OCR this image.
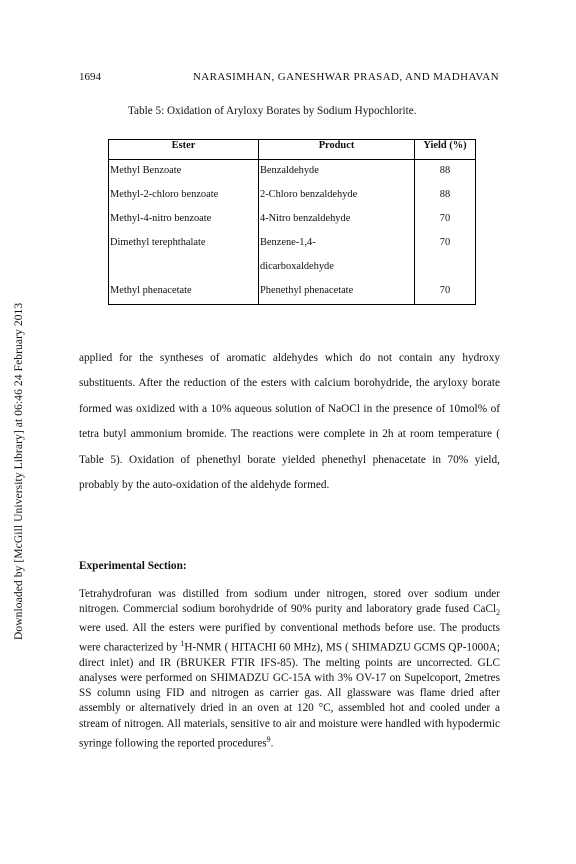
Downloaded by [McGill University Library] at 06:46 24 February 2013
1694	NARASIMHAN, GANESHWAR PRASAD, AND MADHAVAN
Table 5: Oxidation of Aryloxy Borates by Sodium Hypochlorite.
Ester	Product	Yield (%)
Methyl Benzoate	Benzaldehyde	88
Methyl-2-chloro benzoate	2-Chloro benzaldehyde	88
Methyl-4-nitro benzoate	4-Nitro benzaldehyde	70
Dimethyl terephthalate	Benzene-1,4-	70
	dicarboxaldehyde	
Methyl phenacetate	Phenethyl phenacetate	70

applied for the syntheses of aromatic aldehydes which do not contain any hydroxy substituents. After the reduction of the esters with calcium borohydride, the aryloxy borate formed was oxidized with a 10% aqueous solution of NaOCl in the presence of 10mol% of tetra butyl ammonium bromide. The reactions were complete in 2h at room temperature ( Table 5). Oxidation of phenethyl borate yielded phenethyl phenacetate in 70% yield, probably by the auto-oxidation of the aldehyde formed.

Experimental Section:

Tetrahydrofuran was distilled from sodium under nitrogen, stored over sodium under nitrogen. Commercial sodium borohydride of 90% purity and laboratory grade fused CaCl$_2$ were used. All the esters were purified by conventional methods before use. The products were characterized by $^1$H-NMR ( HITACHI 60 MHz), MS ( SHIMADZU GCMS QP-1000A; direct inlet) and IR (BRUKER FTIR IFS-85). The melting points are uncorrected. GLC analyses were performed on SHIMADZU GC-15A with 3% OV-17 on Supelcoport, 2metres SS column using FID and nitrogen as carrier gas. All glassware was flame dried after assembly or alternatively dried in an oven at 120 °C, assembled hot and cooled under a stream of nitrogen. All materials, sensitive to air and moisture were handled with hypodermic syringe following the reported procedures$^9$.
